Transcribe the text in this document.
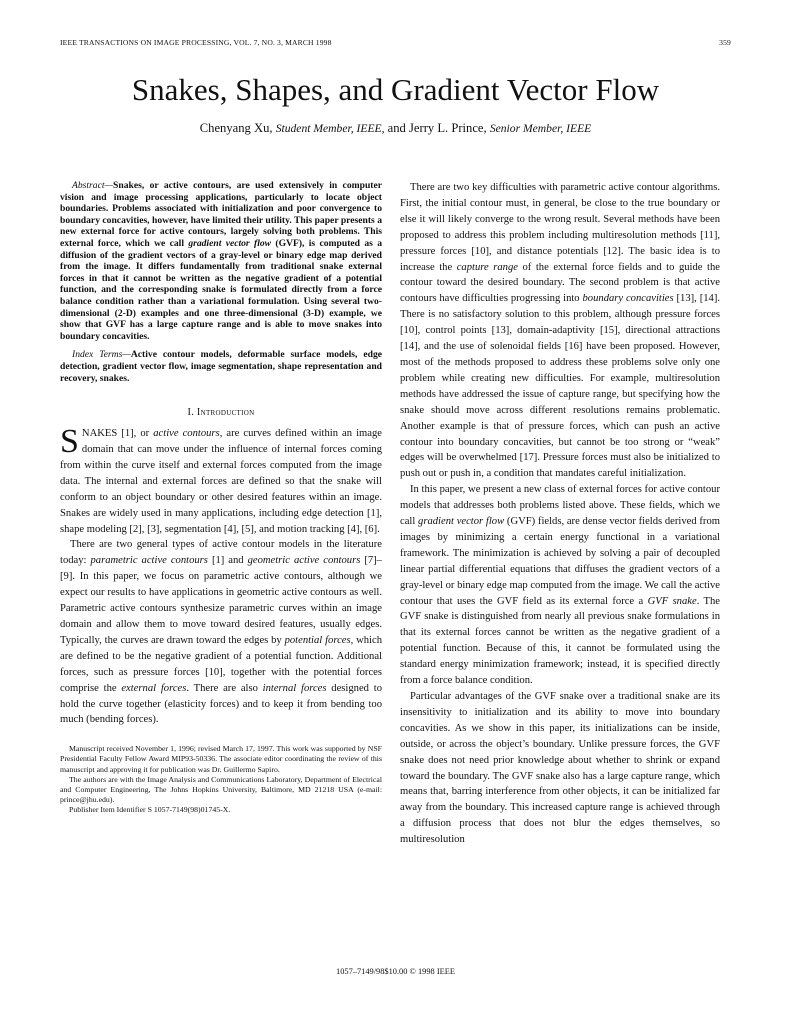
IEEE TRANSACTIONS ON IMAGE PROCESSING, VOL. 7, NO. 3, MARCH 1998	359
Snakes, Shapes, and Gradient Vector Flow
Chenyang Xu, Student Member, IEEE, and Jerry L. Prince, Senior Member, IEEE

Abstract—Snakes, or active contours, are used extensively in computer vision and image processing applications, particularly to locate object boundaries. Problems associated with initialization and poor convergence to boundary concavities, however, have limited their utility. This paper presents a new external force for active contours, largely solving both problems. This external force, which we call gradient vector flow (GVF), is computed as a diffusion of the gradient vectors of a gray-level or binary edge map derived from the image. It differs fundamentally from traditional snake external forces in that it cannot be written as the negative gradient of a potential function, and the corresponding snake is formulated directly from a force balance condition rather than a variational formulation. Using several two-dimensional (2-D) examples and one three-dimensional (3-D) example, we show that GVF has a large capture range and is able to move snakes into boundary concavities.

Index Terms—Active contour models, deformable surface models, edge detection, gradient vector flow, image segmentation, shape representation and recovery, snakes.

I. Introduction

SNAKES [1], or active contours, are curves defined within an image domain that can move under the influence of internal forces coming from within the curve itself and external forces computed from the image data. The internal and external forces are defined so that the snake will conform to an object boundary or other desired features within an image. Snakes are widely used in many applications, including edge detection [1], shape modeling [2], [3], segmentation [4], [5], and motion tracking [4], [6].

There are two general types of active contour models in the literature today: parametric active contours [1] and geometric active contours [7]–[9]. In this paper, we focus on parametric active contours, although we expect our results to have applications in geometric active contours as well. Parametric active contours synthesize parametric curves within an image domain and allow them to move toward desired features, usually edges. Typically, the curves are drawn toward the edges by potential forces, which are defined to be the negative gradient of a potential function. Additional forces, such as pressure forces [10], together with the potential forces comprise the external forces. There are also internal forces designed to hold the curve together (elasticity forces) and to keep it from bending too much (bending forces).

Manuscript received November 1, 1996; revised March 17, 1997. This work was supported by NSF Presidential Faculty Fellow Award MIP93-50336. The associate editor coordinating the review of this manuscript and approving it for publication was Dr. Guillermo Sapiro.

The authors are with the Image Analysis and Communications Laboratory, Department of Electrical and Computer Engineering, The Johns Hopkins University, Baltimore, MD 21218 USA (e-mail: prince@jhu.edu).

Publisher Item Identifier S 1057-7149(98)01745-X.

There are two key difficulties with parametric active contour algorithms. First, the initial contour must, in general, be close to the true boundary or else it will likely converge to the wrong result. Several methods have been proposed to address this problem including multiresolution methods [11], pressure forces [10], and distance potentials [12]. The basic idea is to increase the capture range of the external force fields and to guide the contour toward the desired boundary. The second problem is that active contours have difficulties progressing into boundary concavities [13], [14]. There is no satisfactory solution to this problem, although pressure forces [10], control points [13], domain-adaptivity [15], directional attractions [14], and the use of solenoidal fields [16] have been proposed. However, most of the methods proposed to address these problems solve only one problem while creating new difficulties. For example, multiresolution methods have addressed the issue of capture range, but specifying how the snake should move across different resolutions remains problematic. Another example is that of pressure forces, which can push an active contour into boundary concavities, but cannot be too strong or “weak” edges will be overwhelmed [17]. Pressure forces must also be initialized to push out or push in, a condition that mandates careful initialization.

In this paper, we present a new class of external forces for active contour models that addresses both problems listed above. These fields, which we call gradient vector flow (GVF) fields, are dense vector fields derived from images by minimizing a certain energy functional in a variational framework. The minimization is achieved by solving a pair of decoupled linear partial differential equations that diffuses the gradient vectors of a gray-level or binary edge map computed from the image. We call the active contour that uses the GVF field as its external force a GVF snake. The GVF snake is distinguished from nearly all previous snake formulations in that its external forces cannot be written as the negative gradient of a potential function. Because of this, it cannot be formulated using the standard energy minimization framework; instead, it is specified directly from a force balance condition.

Particular advantages of the GVF snake over a traditional snake are its insensitivity to initialization and its ability to move into boundary concavities. As we show in this paper, its initializations can be inside, outside, or across the object’s boundary. Unlike pressure forces, the GVF snake does not need prior knowledge about whether to shrink or expand toward the boundary. The GVF snake also has a large capture range, which means that, barring interference from other objects, it can be initialized far away from the boundary. This increased capture range is achieved through a diffusion process that does not blur the edges themselves, so multiresolution

1057–7149/98$10.00 © 1998 IEEE
